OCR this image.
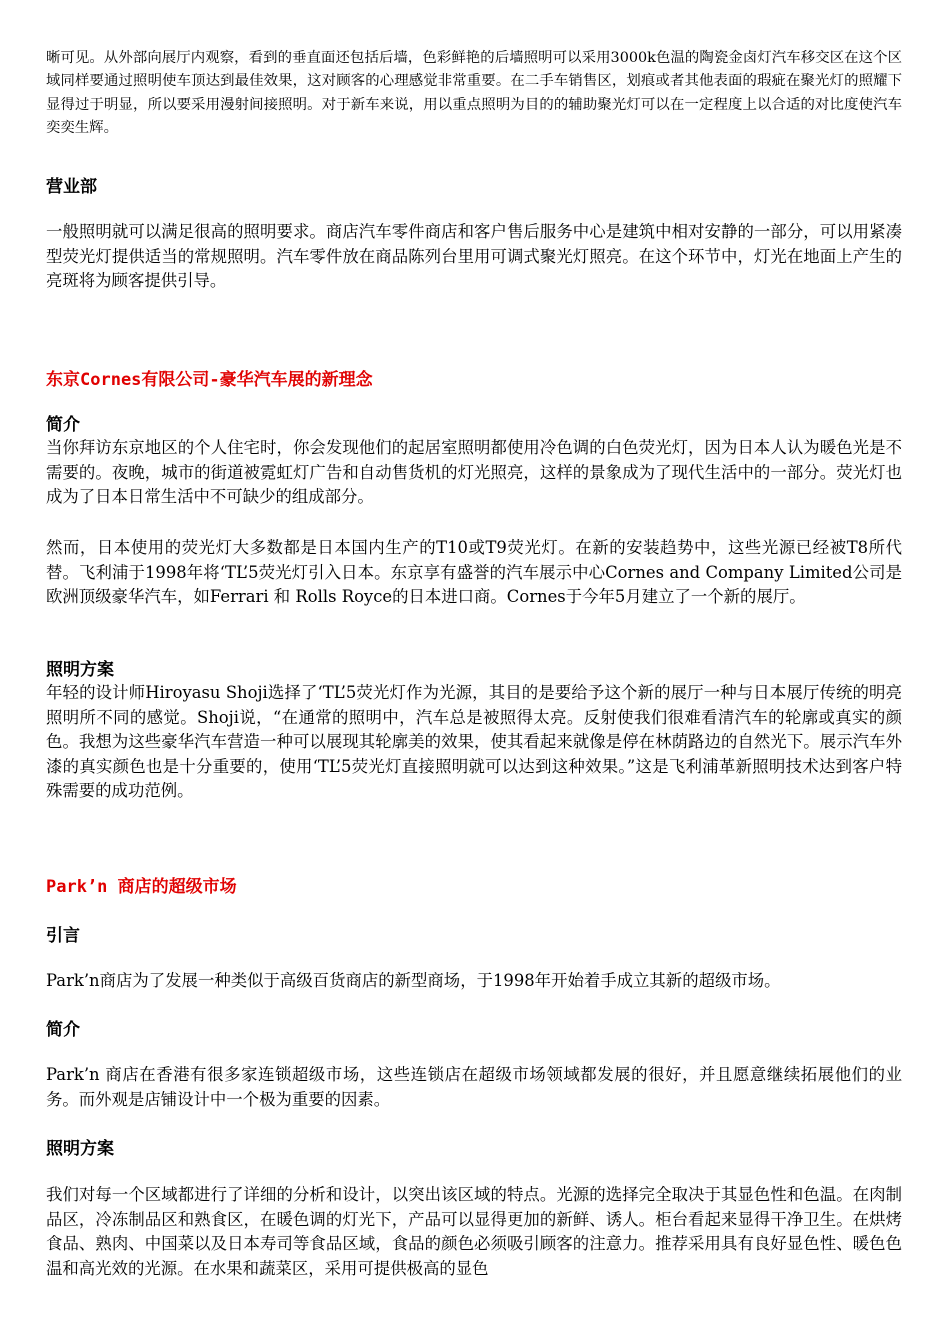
晰可见。从外部向展厅内观察，看到的垂直面还包括后墙，色彩鲜艳的后墙照明可以采用3000k色温的陶瓷金卤灯汽车移交区在这个区域同样要通过照明使车顶达到最佳效果，这对顾客的心理感觉非常重要。在二手车销售区，划痕或者其他表面的瑕疵在聚光灯的照耀下显得过于明显，所以要采用漫射间接照明。对于新车来说，用以重点照明为目的的辅助聚光灯可以在一定程度上以合适的对比度使汽车奕奕生辉。
营业部
一般照明就可以满足很高的照明要求。商店汽车零件商店和客户售后服务中心是建筑中相对安静的一部分，可以用紧凑型荧光灯提供适当的常规照明。汽车零件放在商品陈列台里用可调式聚光灯照亮。在这个环节中，灯光在地面上产生的亮斑将为顾客提供引导。
东京Cornes有限公司-豪华汽车展的新理念
简介
当你拜访东京地区的个人住宅时，你会发现他们的起居室照明都使用冷色调的白色荧光灯，因为日本人认为暖色光是不需要的。夜晚，城市的街道被霓虹灯广告和自动售货机的灯光照亮，这样的景象成为了现代生活中的一部分。荧光灯也成为了日本日常生活中不可缺少的组成部分。
然而，日本使用的荧光灯大多数都是日本国内生产的T10或T9荧光灯。在新的安装趋势中，这些光源已经被T8所代替。飞利浦于1998年将‘TL’5荧光灯引入日本。东京享有盛誉的汽车展示中心Cornes and Company Limited公司是欧洲顶级豪华汽车，如Ferrari 和 Rolls Royce的日本进口商。Cornes于今年5月建立了一个新的展厅。
照明方案
年轻的设计师Hiroyasu Shoji选择了‘TL’5荧光灯作为光源，其目的是要给予这个新的展厅一种与日本展厅传统的明亮照明所不同的感觉。Shoji说，“在通常的照明中，汽车总是被照得太亮。反射使我们很难看清汽车的轮廓或真实的颜色。我想为这些豪华汽车营造一种可以展现其轮廓美的效果，使其看起来就像是停在林荫路边的自然光下。展示汽车外漆的真实颜色也是十分重要的，使用‘TL’5荧光灯直接照明就可以达到这种效果。”这是飞利浦革新照明技术达到客户特殊需要的成功范例。
Park’n 商店的超级市场
引言
Park’n商店为了发展一种类似于高级百货商店的新型商场，于1998年开始着手成立其新的超级市场。
简介
Park’n 商店在香港有很多家连锁超级市场，这些连锁店在超级市场领域都发展的很好，并且愿意继续拓展他们的业务。而外观是店铺设计中一个极为重要的因素。
照明方案
我们对每一个区域都进行了详细的分析和设计，以突出该区域的特点。光源的选择完全取决于其显色性和色温。在肉制品区，冷冻制品区和熟食区，在暖色调的灯光下，产品可以显得更加的新鲜、诱人。柜台看起来显得干净卫生。在烘烤食品、熟肉、中国菜以及日本寿司等食品区域，食品的颜色必须吸引顾客的注意力。推荐采用具有良好显色性、暖色色温和高光效的光源。在水果和蔬菜区，采用可提供极高的显色
